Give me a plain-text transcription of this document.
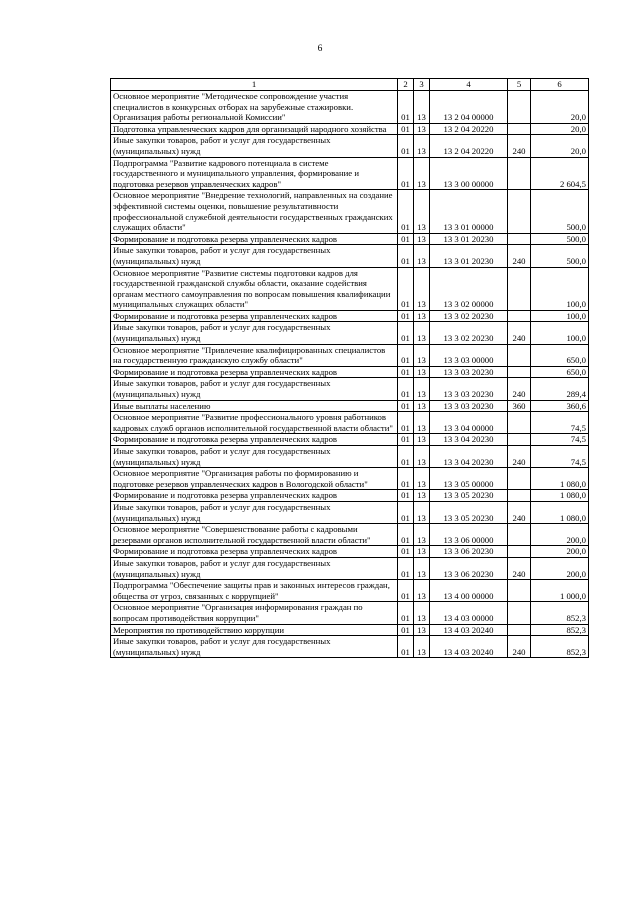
6
1	2	3	4	5	6
Основное мероприятие "Методическое сопровождение участия специалистов в конкурсных отборах на зарубежные стажировки. Организация работы региональной Комиссии"	01	13	13 2 04 00000		20,0
Подготовка управленческих кадров для организаций народного хозяйства	01	13	13 2 04 20220		20,0
Иные закупки товаров, работ и услуг для государственных (муниципальных) нужд	01	13	13 2 04 20220	240	20,0
Подпрограмма "Развитие кадрового потенциала в системе государственного и муниципального управления, формирование и подготовка резервов управленческих кадров"	01	13	13 3 00 00000		2 604,5
Основное мероприятие "Внедрение технологий, направленных на создание эффективной системы оценки, повышение результативности профессиональной служебной деятельности государственных гражданских служащих области"	01	13	13 3 01 00000		500,0
Формирование и подготовка резерва управленческих кадров	01	13	13 3 01 20230		500,0
Иные закупки товаров, работ и услуг для государственных (муниципальных) нужд	01	13	13 3 01 20230	240	500,0
Основное мероприятие "Развитие системы подготовки кадров для государственной гражданской службы области, оказание содействия органам местного самоуправления по вопросам повышения квалификации муниципальных служащих области"	01	13	13 3 02 00000		100,0
Формирование и подготовка резерва управленческих кадров	01	13	13 3 02 20230		100,0
Иные закупки товаров, работ и услуг для государственных (муниципальных) нужд	01	13	13 3 02 20230	240	100,0
Основное мероприятие "Привлечение квалифицированных специалистов на государственную гражданскую службу области"	01	13	13 3 03 00000		650,0
Формирование и подготовка резерва управленческих кадров	01	13	13 3 03 20230		650,0
Иные закупки товаров, работ и услуг для государственных (муниципальных) нужд	01	13	13 3 03 20230	240	289,4
Иные выплаты населению	01	13	13 3 03 20230	360	360,6
Основное мероприятие "Развитие профессионального уровня работников кадровых служб органов исполнительной государственной власти области"	01	13	13 3 04 00000		74,5
Формирование и подготовка резерва управленческих кадров	01	13	13 3 04 20230		74,5
Иные закупки товаров, работ и услуг для государственных (муниципальных) нужд	01	13	13 3 04 20230	240	74,5
Основное мероприятие "Организация работы по формированию и подготовке резервов управленческих кадров в Вологодской области"	01	13	13 3 05 00000		1 080,0
Формирование и подготовка резерва управленческих кадров	01	13	13 3 05 20230		1 080,0
Иные закупки товаров, работ и услуг для государственных (муниципальных) нужд	01	13	13 3 05 20230	240	1 080,0
Основное мероприятие "Совершенствование работы с кадровыми резервами органов исполнительной государственной власти области"	01	13	13 3 06 00000		200,0
Формирование и подготовка резерва управленческих кадров	01	13	13 3 06 20230		200,0
Иные закупки товаров, работ и услуг для государственных (муниципальных) нужд	01	13	13 3 06 20230	240	200,0
Подпрограмма "Обеспечение защиты прав и законных интересов граждан, общества от угроз, связанных с коррупцией"	01	13	13 4 00 00000		1 000,0
Основное мероприятие "Организация информирования граждан по вопросам противодействия коррупции"	01	13	13 4 03 00000		852,3
Мероприятия по противодействию коррупции	01	13	13 4 03 20240		852,3
Иные закупки товаров, работ и услуг для государственных (муниципальных) нужд	01	13	13 4 03 20240	240	852,3
